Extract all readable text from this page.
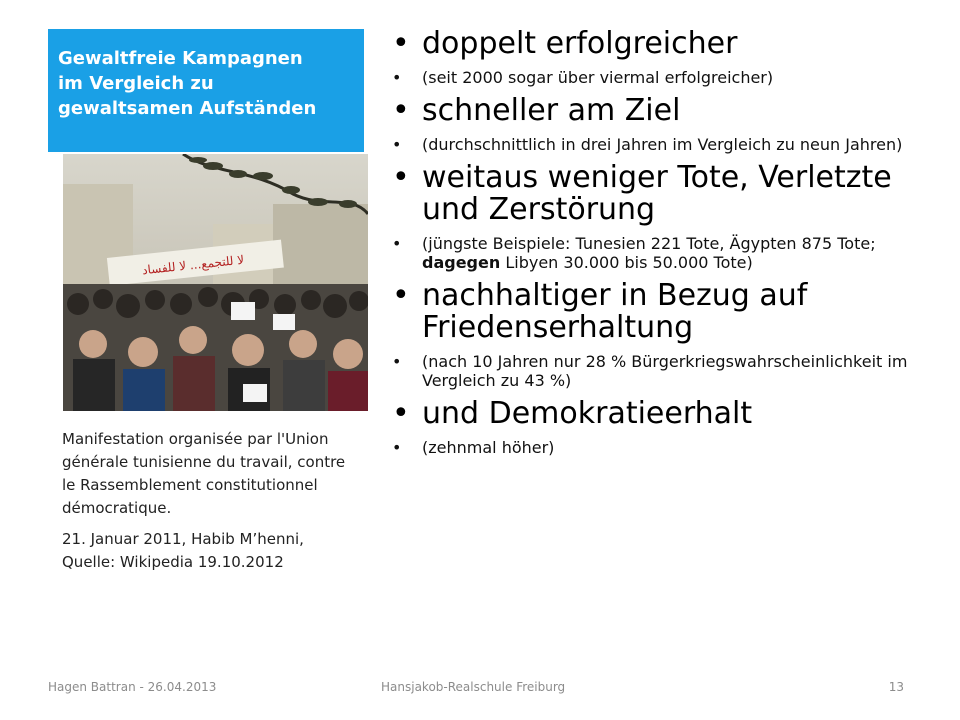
Gewaltfreie Kampagnen
im Vergleich zu
gewaltsamen Aufständen
لا للتجمع... لا للفساد

Manifestation organisée par l'Union générale tunisienne du travail, contre le Rassemblement constitutionnel démocratique.

21. Januar 2011, Habib M’henni, Quelle: Wikipedia 19.10.2012

• doppelt erfolgreicher
• (seit 2000 sogar über viermal erfolgreicher)
• schneller am Ziel
• (durchschnittlich in drei Jahren im Vergleich zu neun Jahren)
• weitaus weniger Tote, Verletzte und Zerstörung
• (jüngste Beispiele: Tunesien 221 Tote, Ägypten 875 Tote; dagegen Libyen 30.000 bis 50.000 Tote)
• nachhaltiger in Bezug auf Friedenserhaltung
• (nach 10 Jahren nur 28 % Bürgerkriegswahrscheinlichkeit im Vergleich zu 43 %)
• und Demokratieerhalt
• (zehnmal höher)
Hagen Battran - 26.04.2013	Hansjakob-Realschule Freiburg	13
